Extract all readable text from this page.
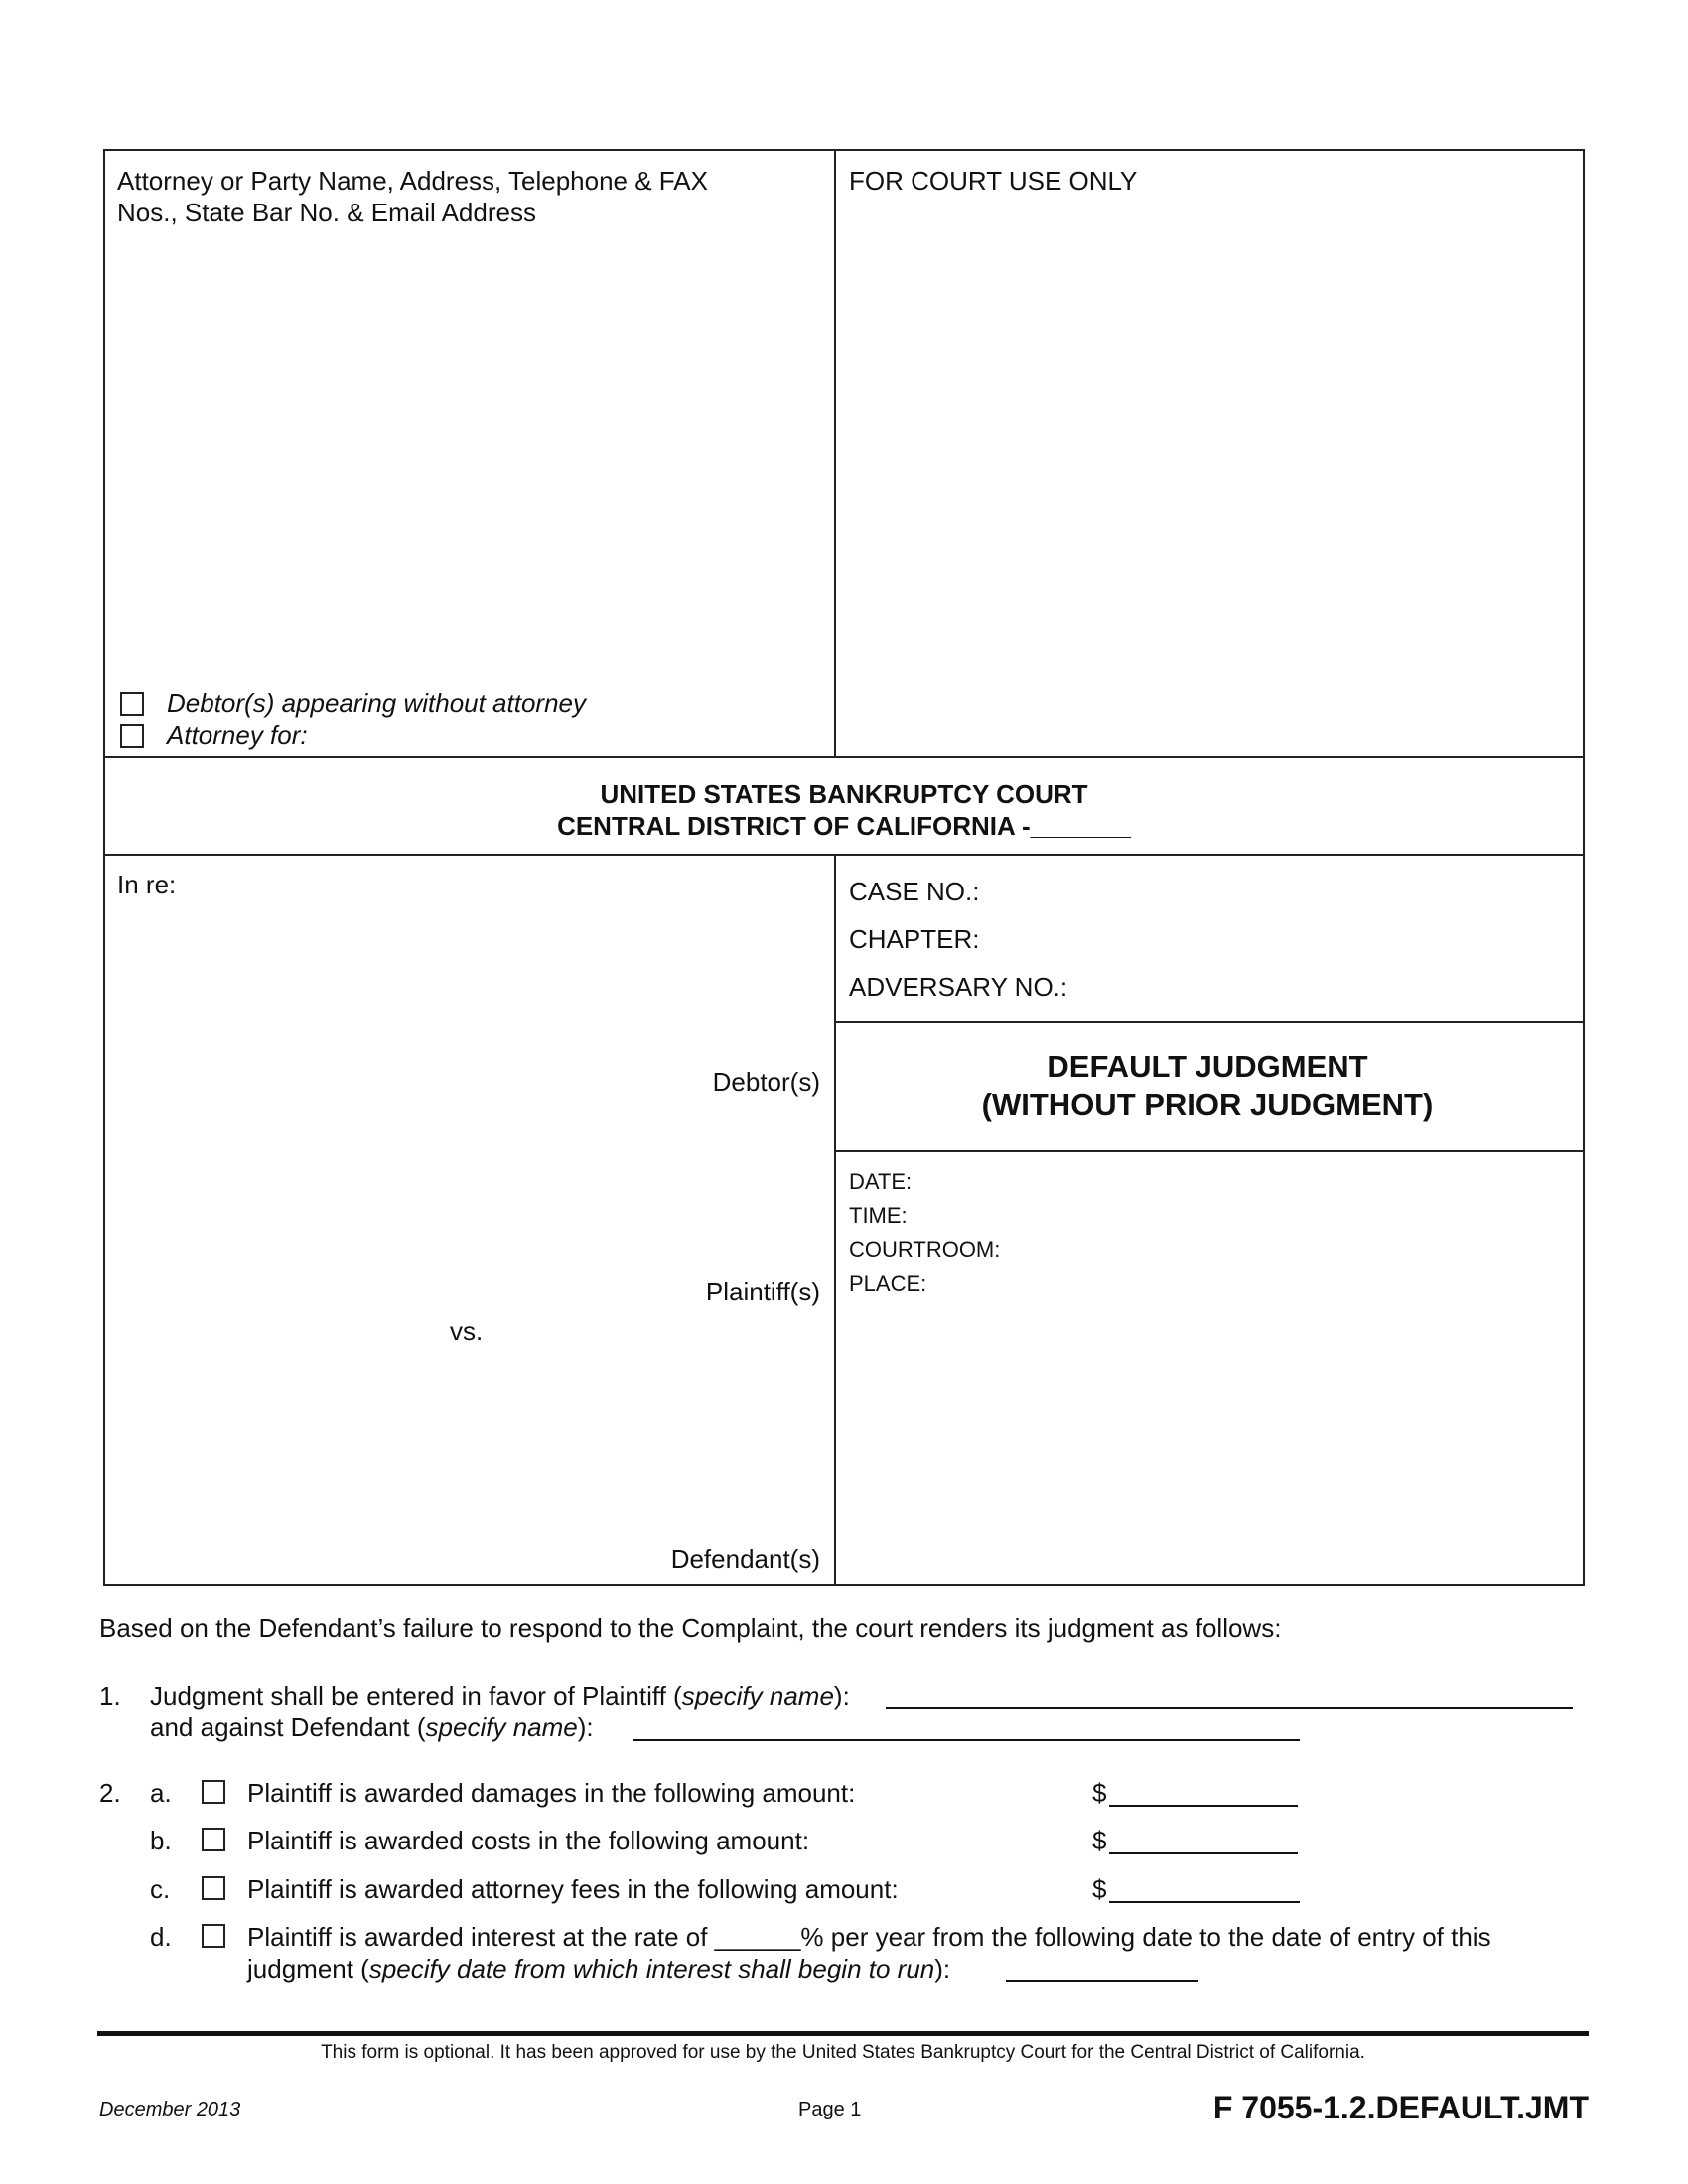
Attorney or Party Name, Address, Telephone & FAX
Nos., State Bar No. & Email Address
Debtor(s) appearing without attorney
Attorney for:
FOR COURT USE ONLY
UNITED STATES BANKRUPTCY COURT
CENTRAL DISTRICT OF CALIFORNIA -_______
In re:
Debtor(s)
Plaintiff(s)
vs.
Defendant(s)
CASE NO.:
CHAPTER:
ADVERSARY NO.:
DEFAULT JUDGMENT
(WITHOUT PRIOR JUDGMENT)
DATE:
TIME:
COURTROOM:
PLACE:
Based on the Defendant’s failure to respond to the Complaint, the court renders its judgment as follows:
1. Judgment shall be entered in favor of Plaintiff (specify name):
and against Defendant (specify name):
2. a.	Plaintiff is awarded damages in the following amount:	$
b.	Plaintiff is awarded costs in the following amount:	$
c.	Plaintiff is awarded attorney fees in the following amount:	$
d.	Plaintiff is awarded interest at the rate of ______% per year from the following date to the date of entry of this
judgment (specify date from which interest shall begin to run):
This form is optional. It has been approved for use by the United States Bankruptcy Court for the Central District of California.
December 2013	Page 1	F 7055-1.2.DEFAULT.JMT
